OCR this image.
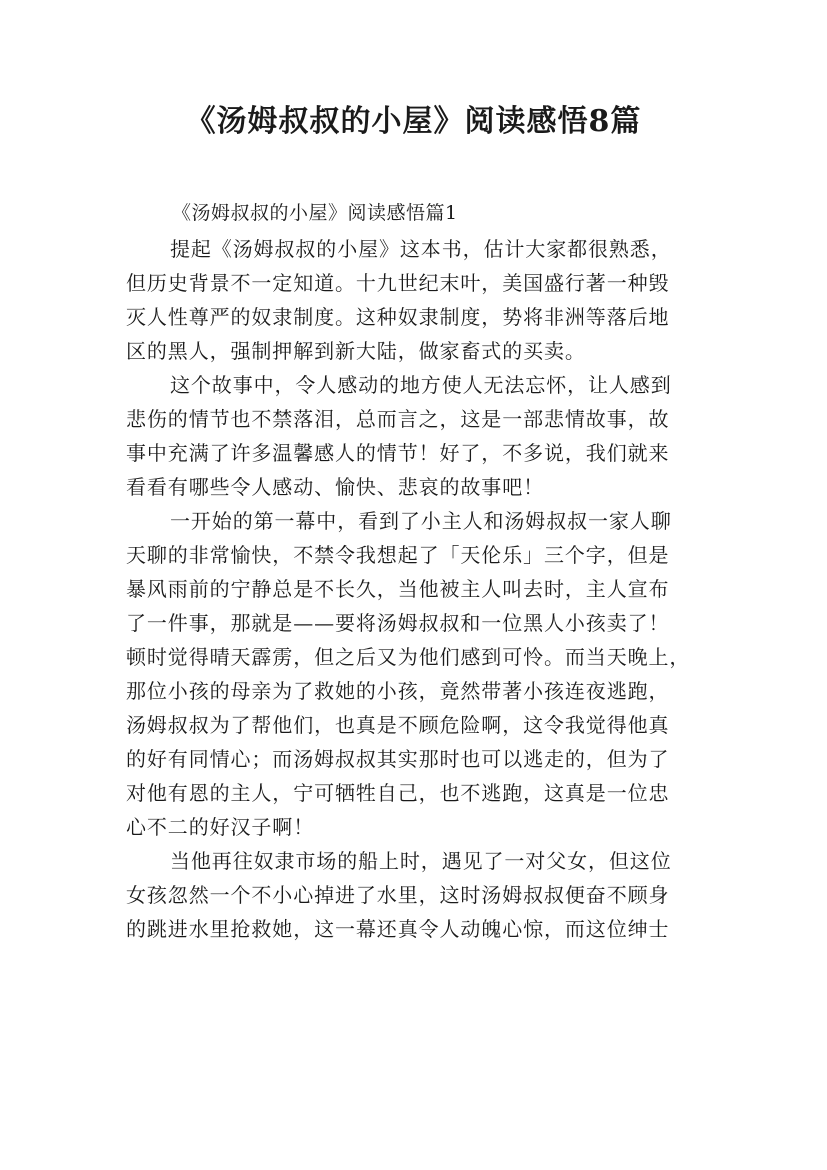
《汤姆叔叔的小屋》阅读感悟8篇
《汤姆叔叔的小屋》阅读感悟篇1

提起《汤姆叔叔的小屋》这本书，估计大家都很熟悉，
但历史背景不一定知道。十九世纪末叶，美国盛行著一种毁
灭人性尊严的奴隶制度。这种奴隶制度，势将非洲等落后地
区的黑人，强制押解到新大陆，做家畜式的买卖。

这个故事中，令人感动的地方使人无法忘怀，让人感到
悲伤的情节也不禁落泪，总而言之，这是一部悲情故事，故
事中充满了许多温馨感人的情节！好了，不多说，我们就来
看看有哪些令人感动、愉快、悲哀的故事吧！

一开始的第一幕中，看到了小主人和汤姆叔叔一家人聊
天聊的非常愉快，不禁令我想起了「天伦乐」三个字，但是
暴风雨前的宁静总是不长久，当他被主人叫去时，主人宣布
了一件事，那就是——要将汤姆叔叔和一位黑人小孩卖了！
顿时觉得晴天霹雳，但之后又为他们感到可怜。而当天晚上，
那位小孩的母亲为了救她的小孩，竟然带著小孩连夜逃跑，
汤姆叔叔为了帮他们，也真是不顾危险啊，这令我觉得他真
的好有同情心；而汤姆叔叔其实那时也可以逃走的，但为了
对他有恩的主人，宁可牺牲自己，也不逃跑，这真是一位忠
心不二的好汉子啊！

当他再往奴隶市场的船上时，遇见了一对父女，但这位
女孩忽然一个不小心掉进了水里，这时汤姆叔叔便奋不顾身
的跳进水里抢救她，这一幕还真令人动魄心惊，而这位绅士
